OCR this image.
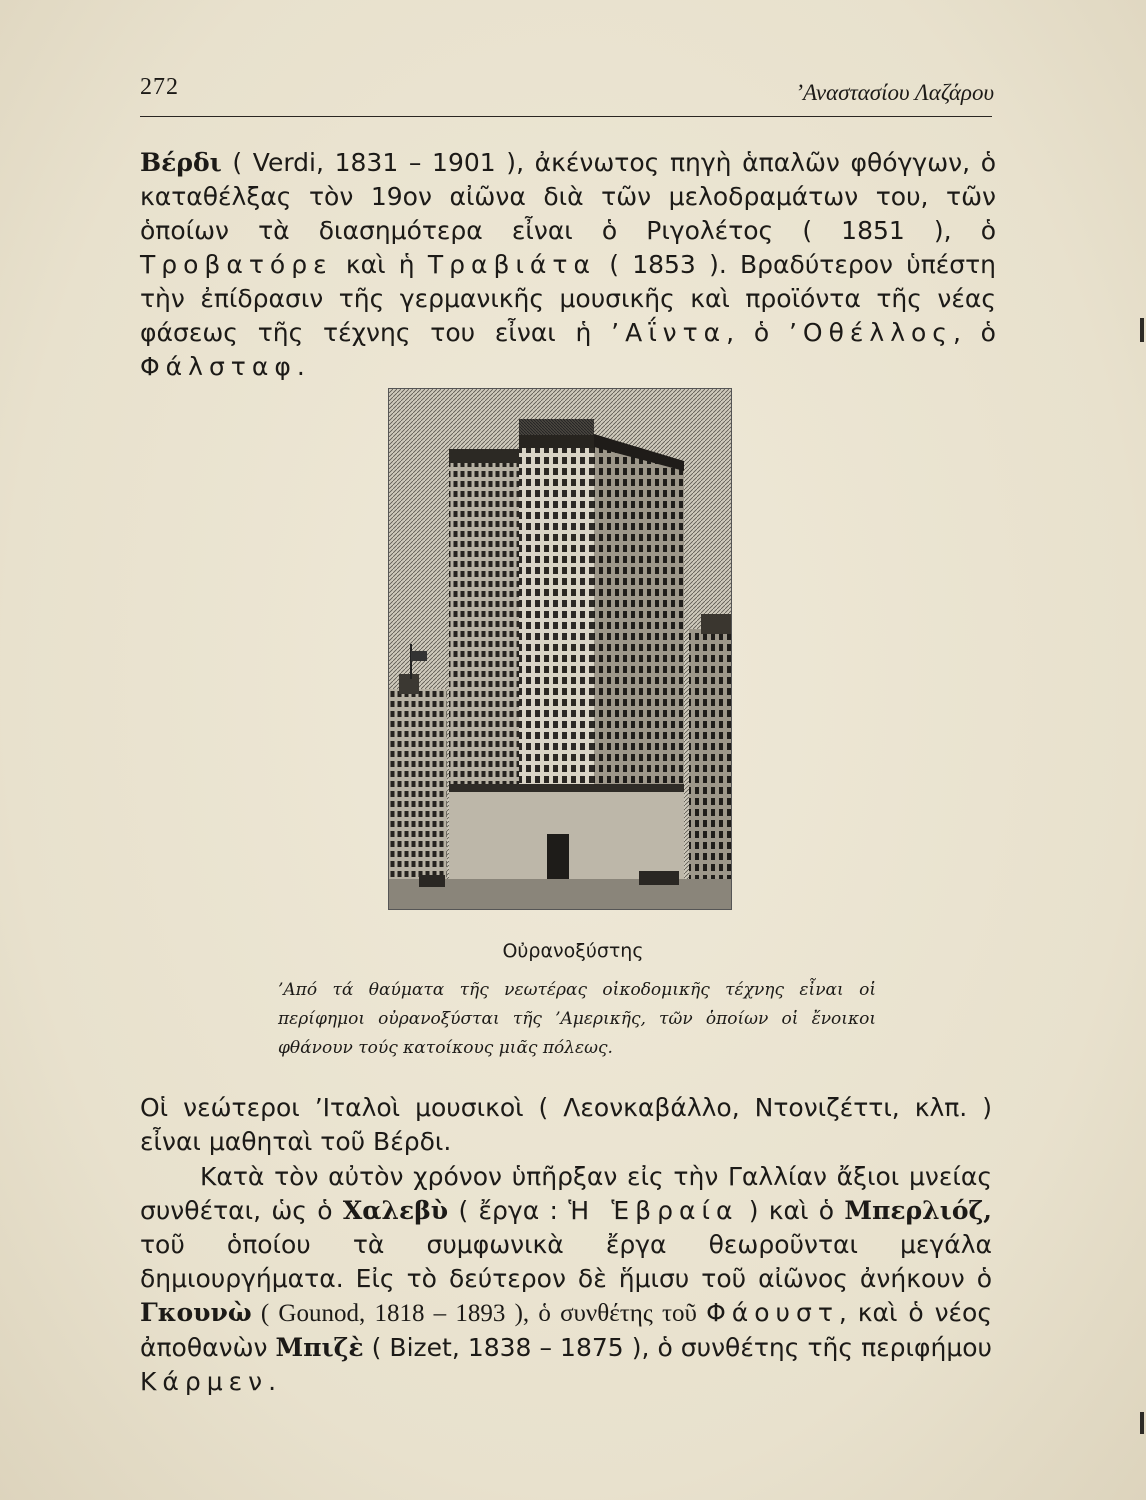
272	’Αναστασίου Λαζάρου

Βέρδι ( Verdi, 1831 – 1901 ), ἀκένωτος πηγὴ ἁπαλῶν φθόγγων, ὁ καταθέλξας τὸν 19ον αἰῶνα διὰ τῶν μελοδραμάτων του, τῶν ὁποίων τὰ διασημότερα εἶναι ὁ Ριγολέτος ( 1851 ), ὁ Τροβατόρε καὶ ἡ Τραβιάτα ( 1853 ). Βραδύτερον ὑπέστη τὴν ἐπίδρασιν τῆς γερμανικῆς μουσικῆς καὶ προϊόντα τῆς νέας φάσεως τῆς τέχνης του εἶναι ἡ ’Αΐντα, ὁ ’Οθέλλος, ὁ Φάλσταφ.

Οὐρανοξύστης

’Από τά θαύματα τῆς νεωτέρας οἰκοδομικῆς τέχνης εἶναι οἱ περίφημοι οὐρανοξύσται τῆς ’Αμερικῆς, τῶν ὁποίων οἱ ἔνοικοι φθάνουν τούς κατοίκους μιᾶς πόλεως.

Οἱ νεώτεροι ’Ιταλοὶ μουσικοὶ ( Λεονκαβάλλο, Ντονιζέττι, κλπ. ) εἶναι μαθηταὶ τοῦ Βέρδι.

Κατὰ τὸν αὐτὸν χρόνον ὑπῆρξαν εἰς τὴν Γαλλίαν ἄξιοι μνείας συνθέται, ὡς ὁ Χαλεβὺ ( ἔργα : Ἡ Ἑβραία ) καὶ ὁ Μπερλιόζ, τοῦ ὁποίου τὰ συμφωνικὰ ἔργα θεωροῦνται μεγάλα δημιουργήματα. Εἰς τὸ δεύτερον δὲ ἥμισυ τοῦ αἰῶνος ἀνήκουν ὁ Γκουνὼ ( Gounod, 1818 – 1893 ), ὁ συνθέτης τοῦ Φάουστ, καὶ ὁ νέος ἀποθανὼν Μπιζὲ ( Bizet, 1838 – 1875 ), ὁ συνθέτης τῆς περιφήμου Κάρμεν.
